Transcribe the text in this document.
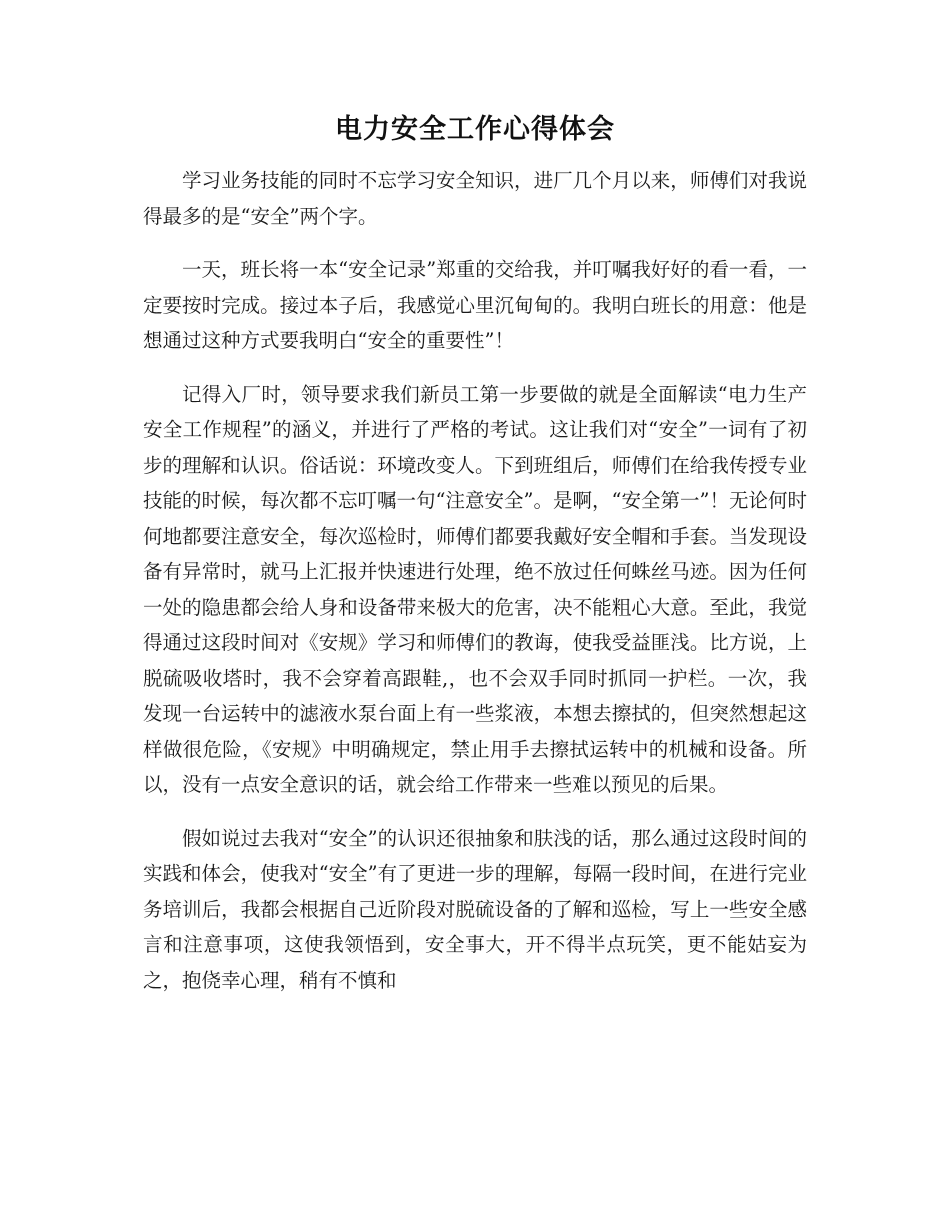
电力安全工作心得体会

学习业务技能的同时不忘学习安全知识，进厂几个月以来，师傅们对我说得最多的是“安全”两个字。

一天，班长将一本“安全记录”郑重的交给我，并叮嘱我好好的看一看，一定要按时完成。接过本子后，我感觉心里沉甸甸的。我明白班长的用意：他是想通过这种方式要我明白“安全的重要性”！

记得入厂时，领导要求我们新员工第一步要做的就是全面解读“电力生产安全工作规程”的涵义，并进行了严格的考试。这让我们对“安全”一词有了初步的理解和认识。俗话说：环境改变人。下到班组后，师傅们在给我传授专业技能的时候，每次都不忘叮嘱一句“注意安全”。是啊，“安全第一”！无论何时何地都要注意安全，每次巡检时，师傅们都要我戴好安全帽和手套。当发现设备有异常时，就马上汇报并快速进行处理，绝不放过任何蛛丝马迹。因为任何一处的隐患都会给人身和设备带来极大的危害，决不能粗心大意。至此，我觉得通过这段时间对《安规》学习和师傅们的教诲，使我受益匪浅。比方说，上脱硫吸收塔时，我不会穿着高跟鞋,，也不会双手同时抓同一护栏。一次，我发现一台运转中的滤液水泵台面上有一些浆液，本想去擦拭的，但突然想起这样做很危险，《安规》中明确规定，禁止用手去擦拭运转中的机械和设备。所以，没有一点安全意识的话，就会给工作带来一些难以预见的后果。

假如说过去我对“安全”的认识还很抽象和肤浅的话，那么通过这段时间的实践和体会，使我对“安全”有了更进一步的理解，每隔一段时间，在进行完业务培训后，我都会根据自己近阶段对脱硫设备的了解和巡检，写上一些安全感言和注意事项，这使我领悟到，安全事大，开不得半点玩笑，更不能姑妄为之，抱侥幸心理，稍有不慎和
